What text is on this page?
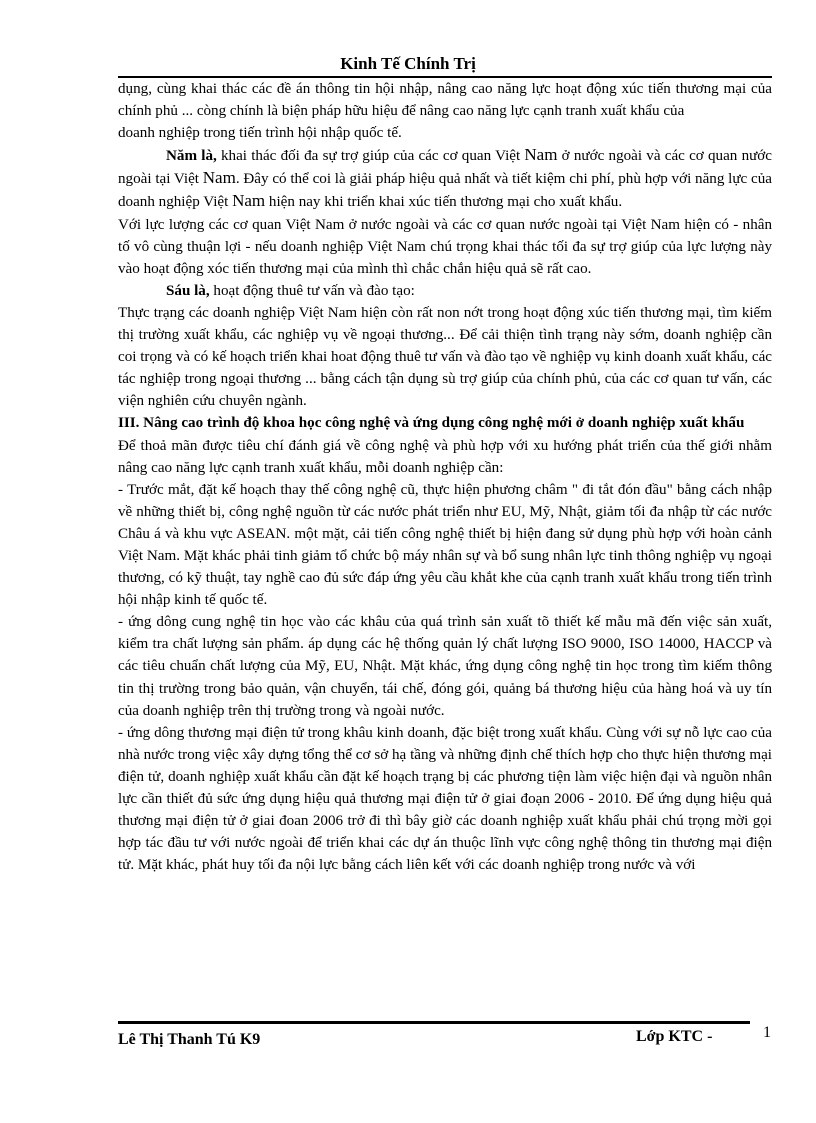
Kinh Tế Chính Trị

dụng, cùng khai thác các đề án thông tin hội nhập, nâng cao năng lực hoạt động xúc tiến thương mại của chính phủ ... còng chính là biện pháp hữu hiệu để nâng cao năng lực cạnh tranh xuất khẩu của

doanh nghiệp trong tiến trình hội nhập quốc tế.

Năm là, khai thác đối đa sự trợ giúp của các cơ quan Việt Nam ở nước ngoài và các cơ quan nước ngoài tại Việt Nam. Đây có thể coi là giải pháp hiệu quả nhất và tiết kiệm chi phí, phù hợp với năng lực của doanh nghiệp Việt Nam hiện nay khi triển khai xúc tiến thương mại cho xuất khẩu.

Với lực lượng các cơ quan Việt Nam ở nước ngoài và các cơ quan nước ngoài tại Việt Nam hiện có - nhân tố vô cùng thuận lợi - nếu doanh nghiệp Việt Nam chú trọng khai thác tối đa sự trợ giúp của lực lượng này vào hoạt động xóc tiến thương mại của mình thì chắc chắn hiệu quả sẽ rất cao.

Sáu là, hoạt động thuê tư vấn và đào tạo:

Thực trạng các doanh nghiệp Việt Nam hiện còn rất non nớt trong hoạt động xúc tiến thương mại, tìm kiếm thị trường xuất khẩu, các nghiệp vụ về ngoại thương... Để cải thiện tình trạng này sớm, doanh nghiệp cần coi trọng và có kế hoạch triển khai hoat động thuê tư vấn và đào tạo về nghiệp vụ kinh doanh xuất khẩu, các tác nghiệp trong ngoại thương ... bằng cách tận dụng sù trợ giúp của chính phủ, của các cơ quan tư vấn, các viện nghiên cứu chuyên ngành.

III. Nâng cao trình độ khoa học công nghệ và ứng dụng công nghệ mới ở doanh nghiệp xuất khẩu

Để thoả mãn được tiêu chí đánh giá về công nghệ và phù hợp với xu hướng phát triển của thế giới nhằm nâng cao năng lực cạnh tranh xuất khẩu, mỗi doanh nghiệp cần:

- Trước mắt, đặt kế hoạch thay thế công nghệ cũ, thực hiện phương châm " đi tắt đón đầu" bằng cách nhập về những thiết bị, công nghệ nguồn từ các nước phát triển như EU, Mỹ, Nhật, giảm tối đa nhập từ các nước Châu á và khu vực ASEAN. một mặt, cải tiến công nghệ thiết bị hiện đang sử dụng phù hợp với hoàn cảnh Việt Nam. Mặt khác phải tinh giảm tổ chức bộ máy nhân sự và bổ sung nhân lực tinh thông nghiệp vụ ngoại thương, có kỹ thuật, tay nghề cao đủ sức đáp ứng yêu cầu khắt khe của cạnh tranh xuất khẩu trong tiến trình hội nhập kinh tế quốc tế.

- ứng dông cung nghệ tin học vào các khâu của quá trình sản xuất tõ thiết kế mẫu mã đến việc sản xuất, kiểm tra chất lượng sản phẩm. áp dụng các hệ thống quản lý chất lượng ISO 9000, ISO 14000, HACCP và các tiêu chuẩn chất lượng của Mỹ, EU, Nhật. Mặt khác, ứng dụng công nghệ tin học trong tìm kiếm thông tin thị trường trong bảo quản, vận chuyển, tái chế, đóng gói, quảng bá thương hiệu của hàng hoá và uy tín của doanh nghiệp trên thị trường trong và ngoài nước.

- ứng dông thương mại điện tử trong khâu kinh doanh, đặc biệt trong xuất khẩu. Cùng với sự nỗ lực cao của nhà nước trong việc xây dựng tổng thể cơ sở hạ tầng và những định chế thích hợp cho thực hiện thương mại điện tử, doanh nghiệp xuất khẩu cần đặt kế hoạch trạng bị các phương tiện làm việc hiện đại và nguồn nhân lực cần thiết đủ sức ứng dụng hiệu quả thương mại điện tử ở giai đoạn 2006 - 2010. Để ứng dụng hiệu quả thương mại điện tử ở giai đoan 2006 trở đi thì bây giờ các doanh nghiệp xuất khẩu phải chú trọng mời gọi hợp tác đầu tư với nước ngoài để triển khai các dự án thuộc lĩnh vực công nghệ thông tin thương mại điện tử. Mặt khác, phát huy tối đa nội lực bằng cách liên kết với các doanh nghiệp trong nước và với

Lê Thị Thanh Tú K9	Lớp KTC -	1
